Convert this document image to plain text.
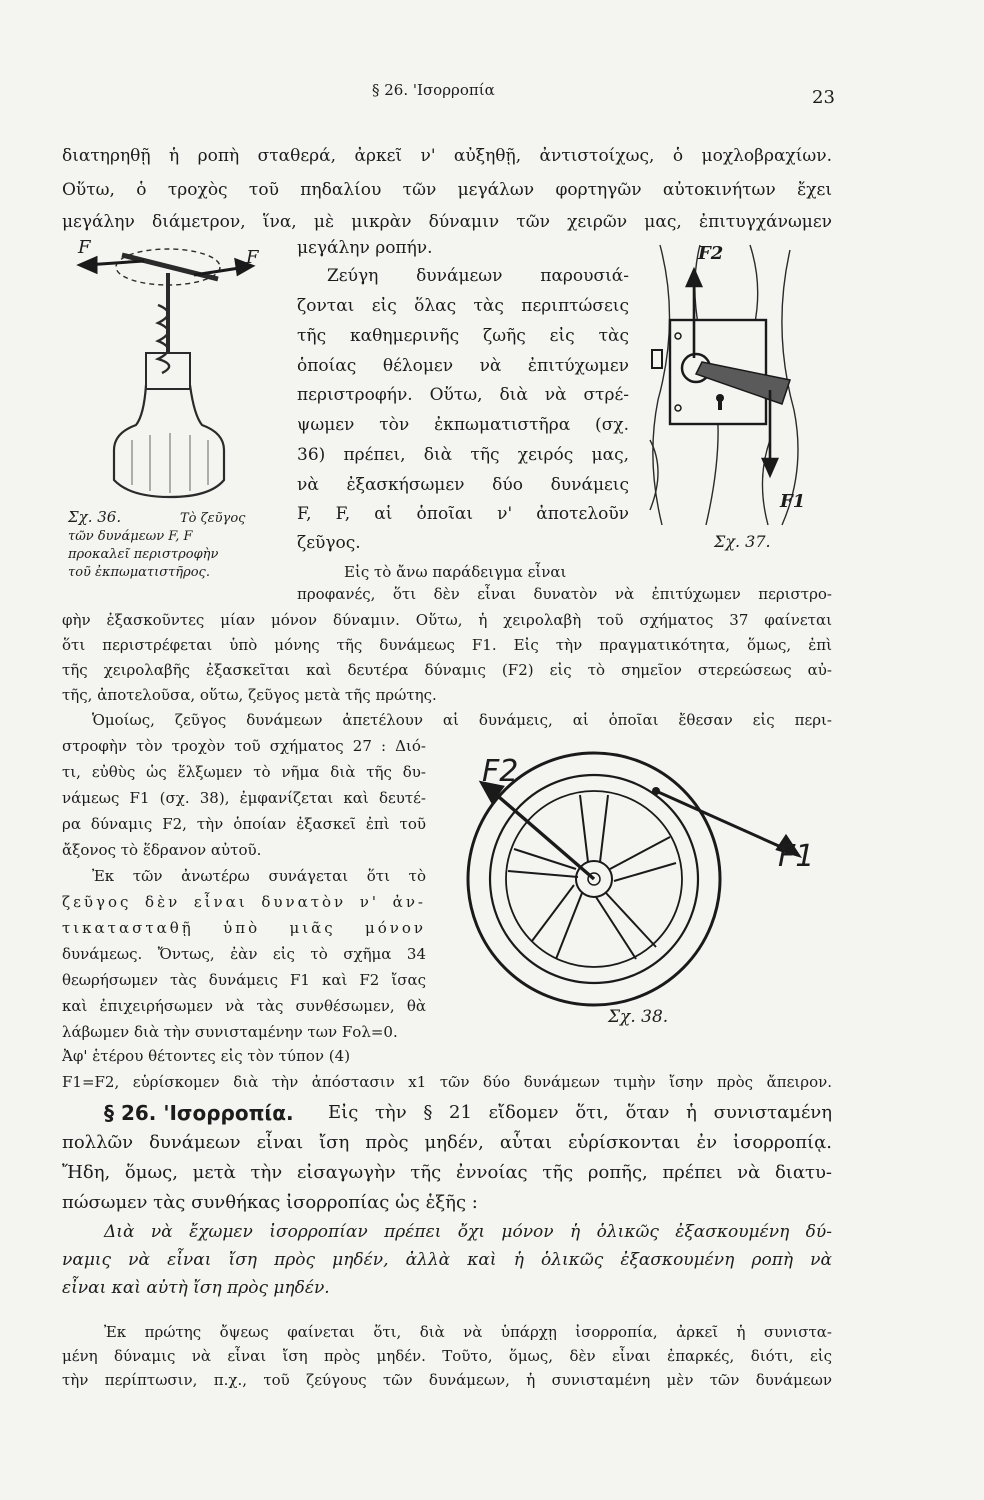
§ 26. 'Ισορροπία	23
διατηρηθῇ ἡ ροπὴ σταθερά, ἀρκεῖ ν' αὐξηθῇ, ἀντιστοίχως, ὁ μοχλοβραχίων.
Οὕτω, ὁ τροχὸς τοῦ πηδαλίου τῶν μεγάλων φορτηγῶν αὐτοκινήτων ἔχει
μεγάλην διάμετρον, ἵνα, μὲ μικρὰν δύναμιν τῶν χειρῶν μας, ἐπιτυγχάνωμεν
μεγάλην ροπήν.
Ζεύγη δυνάμεων παρουσιά-
ζονται εἰς ὅλας τὰς περιπτώσεις
τῆς καθημερινῆς ζωῆς εἰς τὰς
ὁποίας θέλομεν νὰ ἐπιτύχωμεν
περιστροφήν. Οὕτω, διὰ νὰ στρέ-
ψωμεν τὸν ἐκπωματιστῆρα (σχ.
36) πρέπει, διὰ τῆς χειρός μας,
νὰ ἐξασκήσωμεν δύο δυνάμεις
F, F, αἱ ὁποῖαι ν' ἀποτελοῦν
ζεῦγος.
Εἰς τὸ ἄνω παράδειγμα εἶναι
F	F
Σχ. 36.	Τὸ ζεῦγος
τῶν δυνάμεων F, F
προκαλεῖ περιστροφὴν
τοῦ ἐκπωματιστῆρος.
F2
F1
Σχ. 37.
προφανές, ὅτι δὲν εἶναι δυνατὸν νὰ ἐπιτύχωμεν περιστρο-
φὴν ἐξασκοῦντες μίαν μόνον δύναμιν. Οὕτω, ἡ χειρολαβὴ τοῦ σχήματος 37 φαίνεται
ὅτι περιστρέφεται ὑπὸ μόνης τῆς δυνάμεως F1. Εἰς τὴν πραγματικότητα, ὅμως, ἐπὶ
τῆς χειρολαβῆς ἐξασκεῖται καὶ δευτέρα δύναμις (F2) εἰς τὸ σημεῖον στερεώσεως αὐ-
τῆς, ἀποτελοῦσα, οὕτω, ζεῦγος μετὰ τῆς πρώτης.
Ὁμοίως, ζεῦγος δυνάμεων ἀπετέλουν αἱ δυνάμεις, αἱ ὁποῖαι ἔθεσαν εἰς περι-
στροφὴν τὸν τροχὸν τοῦ σχήματος 27 : Διό-
τι, εὐθὺς ὡς ἕλξωμεν τὸ νῆμα διὰ τῆς δυ-
νάμεως F1 (σχ. 38), ἐμφανίζεται καὶ δευτέ-
ρα δύναμις F2, τὴν ὁποίαν ἐξασκεῖ ἐπὶ τοῦ
ἄξονος τὸ ἕδρανον αὐτοῦ.
Ἐκ τῶν ἀνωτέρω συνάγεται ὅτι τὸ
ζεῦγος δὲν εἶναι δυνατὸν ν' ἀν-
τικατασταθῇ ὑπὸ μιᾶς μόνον
δυνάμεως. Ὄντως, ἐὰν εἰς τὸ σχῆμα 34
θεωρήσωμεν τὰς δυνάμεις F1 καὶ F2 ἴσας
καὶ ἐπιχειρήσωμεν νὰ τὰς συνθέσωμεν, θὰ
λάβωμεν διὰ τὴν συνισταμένην των Fολ=0.
Ἀφ' ἑτέρου θέτοντες εἰς τὸν τύπον (4)
F1=F2, εὑρίσκομεν διὰ τὴν ἀπόστασιν x1 τῶν δύο δυνάμεων τιμὴν ἴσην πρὸς ἄπειρον.
F2
F1
Σχ. 38.
§ 26. 'Ισορροπία. Εἰς τὴν § 21 εἴδομεν ὅτι, ὅταν ἡ συνισταμένη
πολλῶν δυνάμεων εἶναι ἴση πρὸς μηδέν, αὗται εὑρίσκονται ἐν ἰσορροπίᾳ.
Ἤδη, ὅμως, μετὰ τὴν εἰσαγωγὴν τῆς ἐννοίας τῆς ροπῆς, πρέπει νὰ διατυ-
πώσωμεν τὰς συνθήκας ἰσορροπίας ὡς ἑξῆς :
Διὰ νὰ ἔχωμεν ἰσορροπίαν πρέπει ὄχι μόνον ἡ ὁλικῶς ἐξασκουμένη δύ-
ναμις νὰ εἶναι ἴση πρὸς μηδέν, ἀλλὰ καὶ ἡ ὁλικῶς ἐξασκουμένη ροπὴ νὰ
εἶναι καὶ αὐτὴ ἴση πρὸς μηδέν.
Ἐκ πρώτης ὄψεως φαίνεται ὅτι, διὰ νὰ ὑπάρχῃ ἰσορροπία, ἀρκεῖ ἡ συνιστα-
μένη δύναμις νὰ εἶναι ἴση πρὸς μηδέν. Τοῦτο, ὅμως, δὲν εἶναι ἐπαρκές, διότι, εἰς
τὴν περίπτωσιν, π.χ., τοῦ ζεύγους τῶν δυνάμεων, ἡ συνισταμένη μὲν τῶν δυνάμεων
